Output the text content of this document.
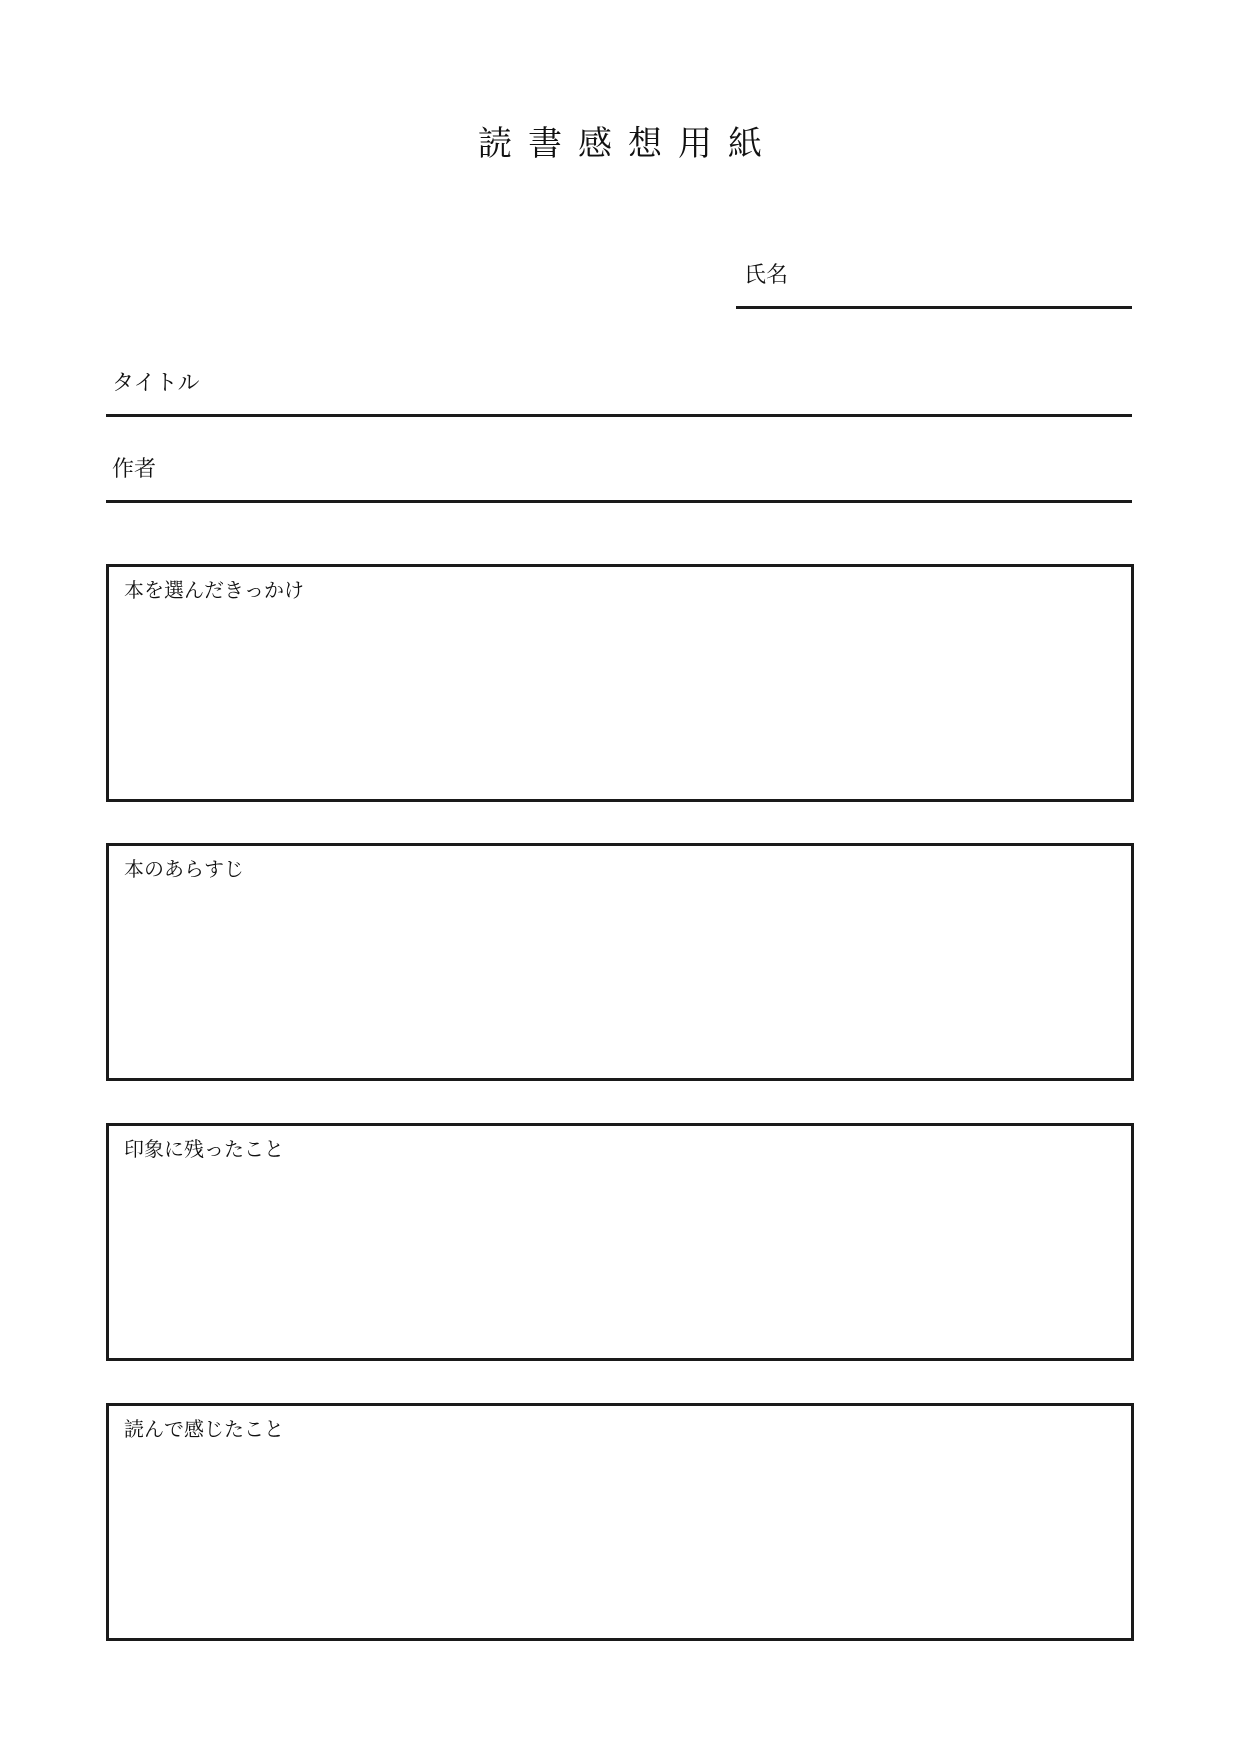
読書感想用紙
氏名
タイトル
作者
本を選んだきっかけ
本のあらすじ
印象に残ったこと
読んで感じたこと
